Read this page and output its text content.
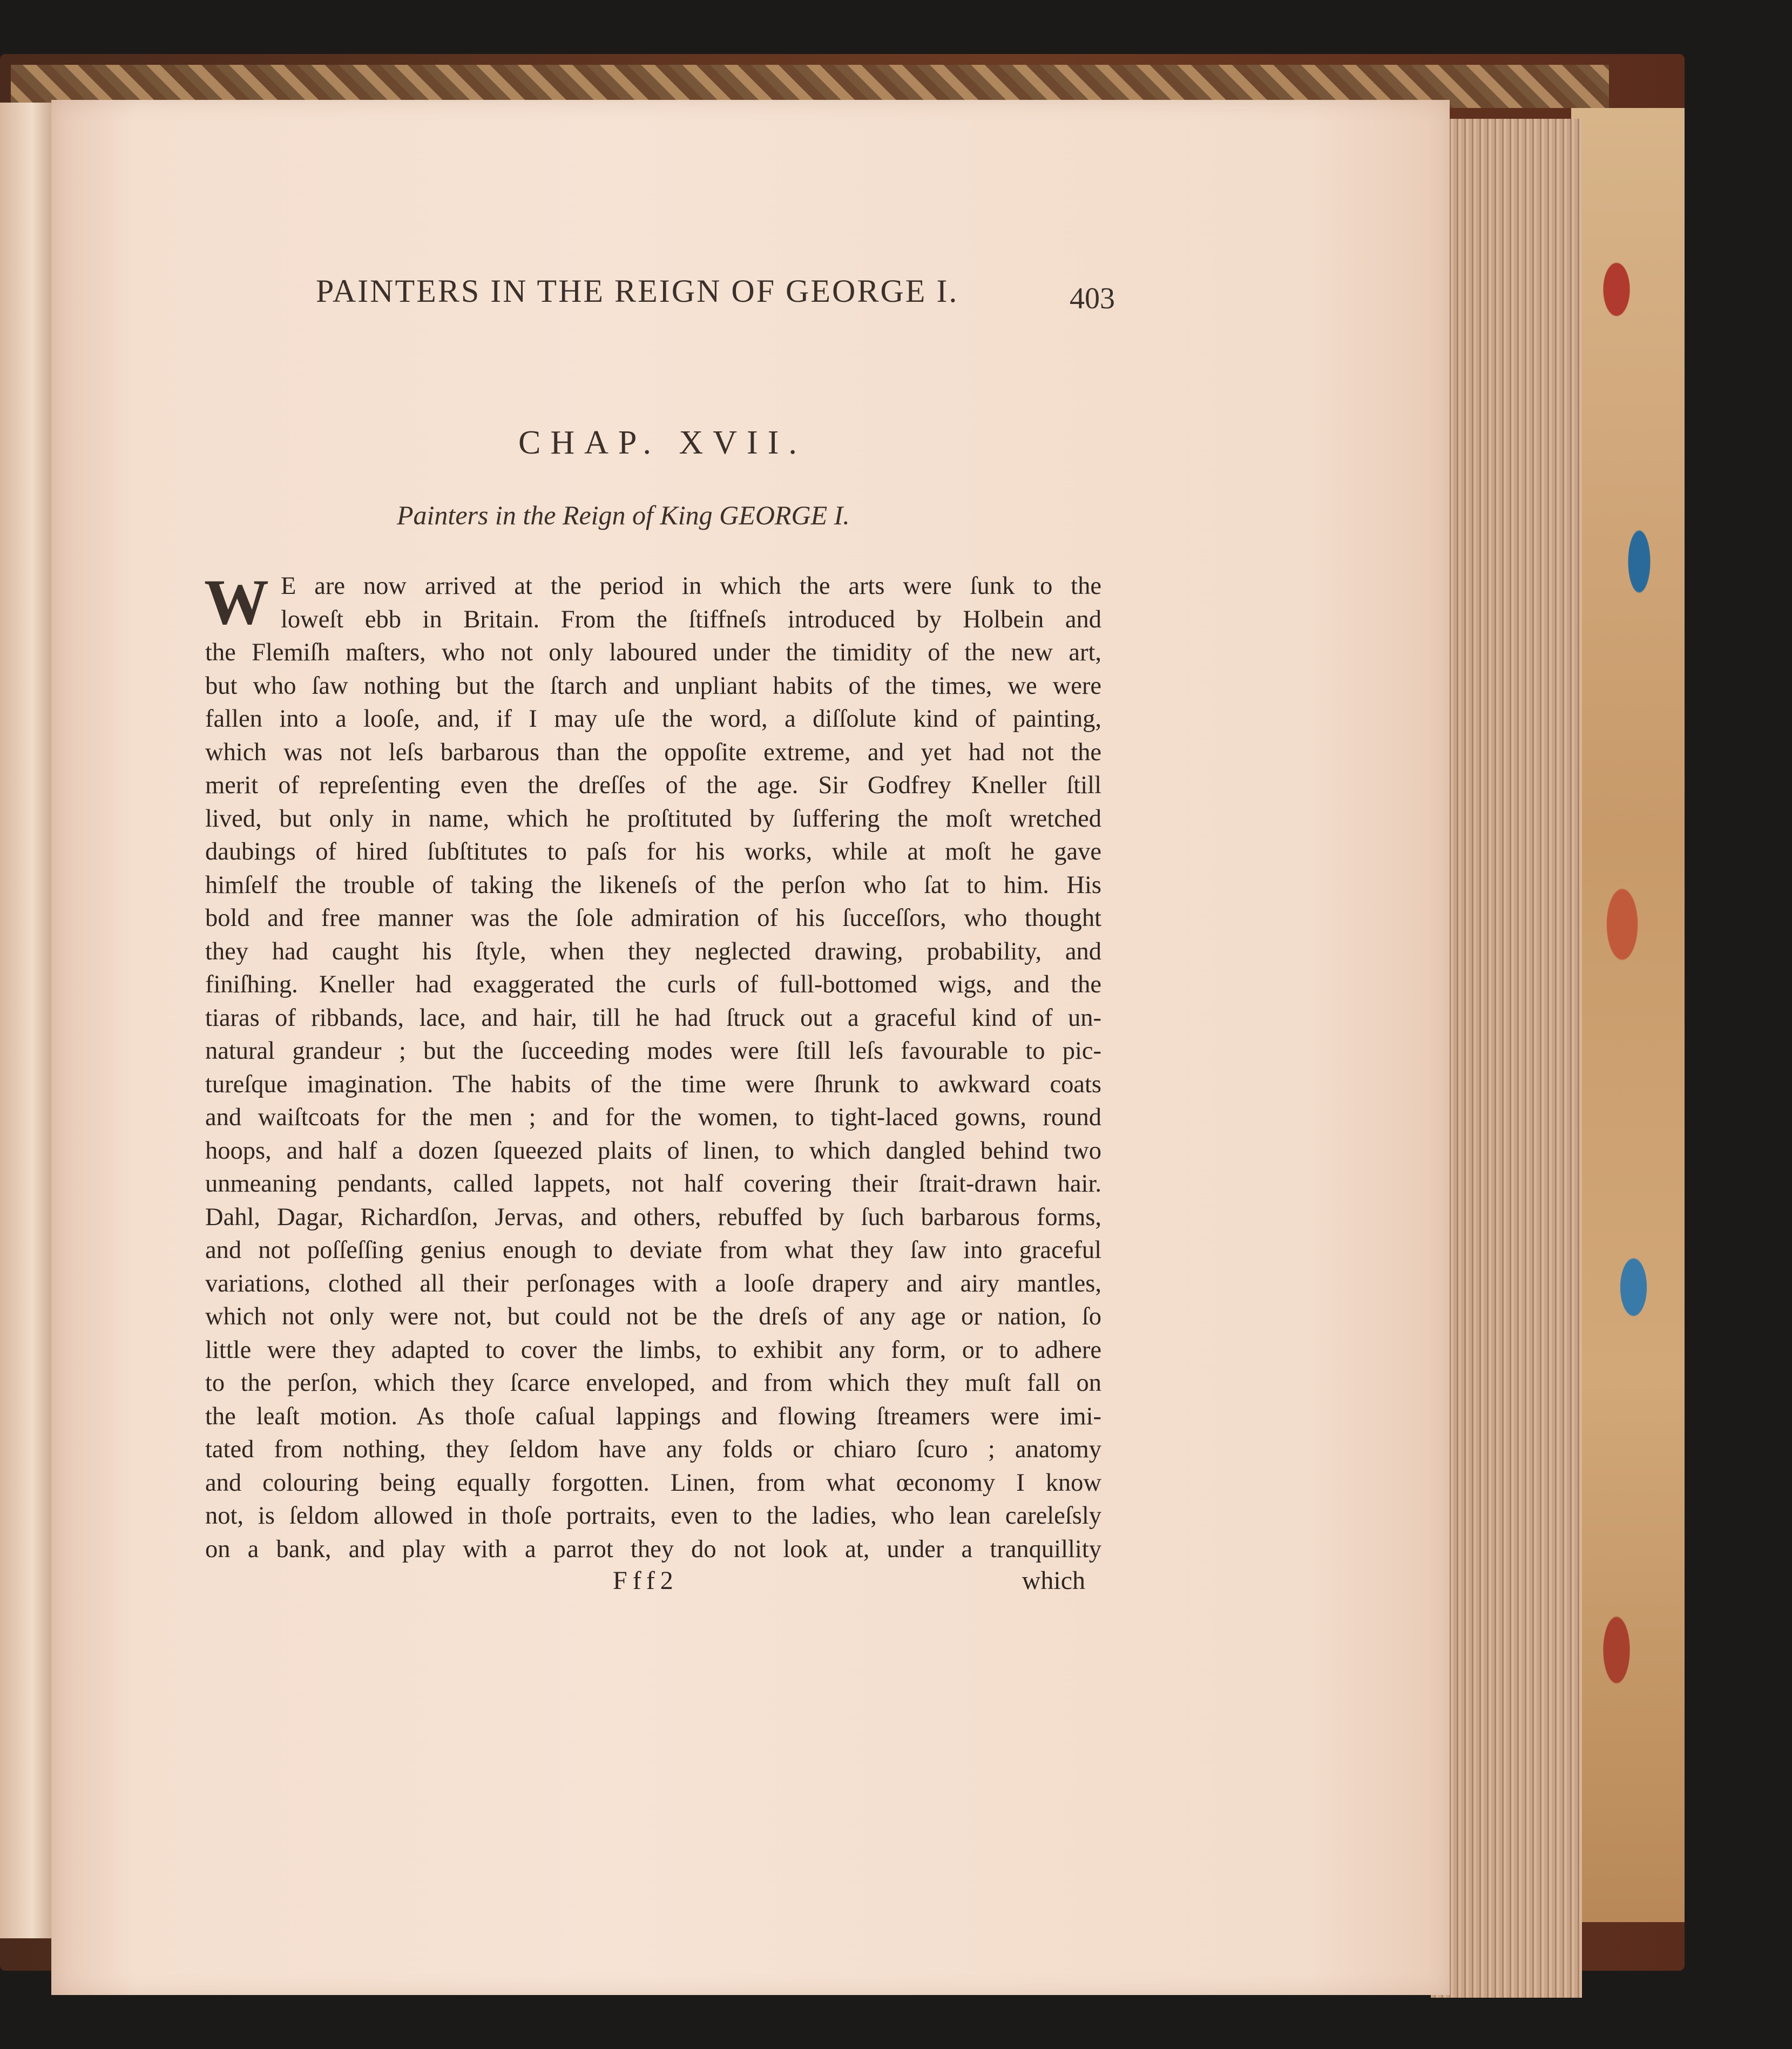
PAINTERS IN THE REIGN OF GEORGE I.	403
CHAP. XVII.
Painters in the Reign of King GEORGE I.
W E are now arrived at the period in which the arts were ſunk to the
loweſt ebb in Britain. From the ſtiffneſs introduced by Holbein and
the Flemiſh maſters, who not only laboured under the timidity of the new art,
but who ſaw nothing but the ſtarch and unpliant habits of the times, we were
fallen into a looſe, and, if I may uſe the word, a diſſolute kind of painting,
which was not leſs barbarous than the oppoſite extreme, and yet had not the
merit of repreſenting even the dreſſes of the age. Sir Godfrey Kneller ſtill
lived, but only in name, which he proſtituted by ſuffering the moſt wretched
daubings of hired ſubſtitutes to paſs for his works, while at moſt he gave
himſelf the trouble of taking the likeneſs of the perſon who ſat to him. His
bold and free manner was the ſole admiration of his ſucceſſors, who thought
they had caught his ſtyle, when they neglected drawing, probability, and
finiſhing. Kneller had exaggerated the curls of full-bottomed wigs, and the
tiaras of ribbands, lace, and hair, till he had ſtruck out a graceful kind of un-
natural grandeur ; but the ſucceeding modes were ſtill leſs favourable to pic-
tureſque imagination. The habits of the time were ſhrunk to awkward coats
and waiſtcoats for the men ; and for the women, to tight-laced gowns, round
hoops, and half a dozen ſqueezed plaits of linen, to which dangled behind two
unmeaning pendants, called lappets, not half covering their ſtrait-drawn hair.
Dahl, Dagar, Richardſon, Jervas, and others, rebuffed by ſuch barbarous forms,
and not poſſeſſing genius enough to deviate from what they ſaw into graceful
variations, clothed all their perſonages with a looſe drapery and airy mantles,
which not only were not, but could not be the dreſs of any age or nation, ſo
little were they adapted to cover the limbs, to exhibit any form, or to adhere
to the perſon, which they ſcarce enveloped, and from which they muſt fall on
the leaſt motion. As thoſe caſual lappings and flowing ſtreamers were imi-
tated from nothing, they ſeldom have any folds or chiaro ſcuro ; anatomy
and colouring being equally forgotten. Linen, from what œconomy I know
not, is ſeldom allowed in thoſe portraits, even to the ladies, who lean careleſsly
on a bank, and play with a parrot they do not look at, under a tranquillity
Fff2	which
